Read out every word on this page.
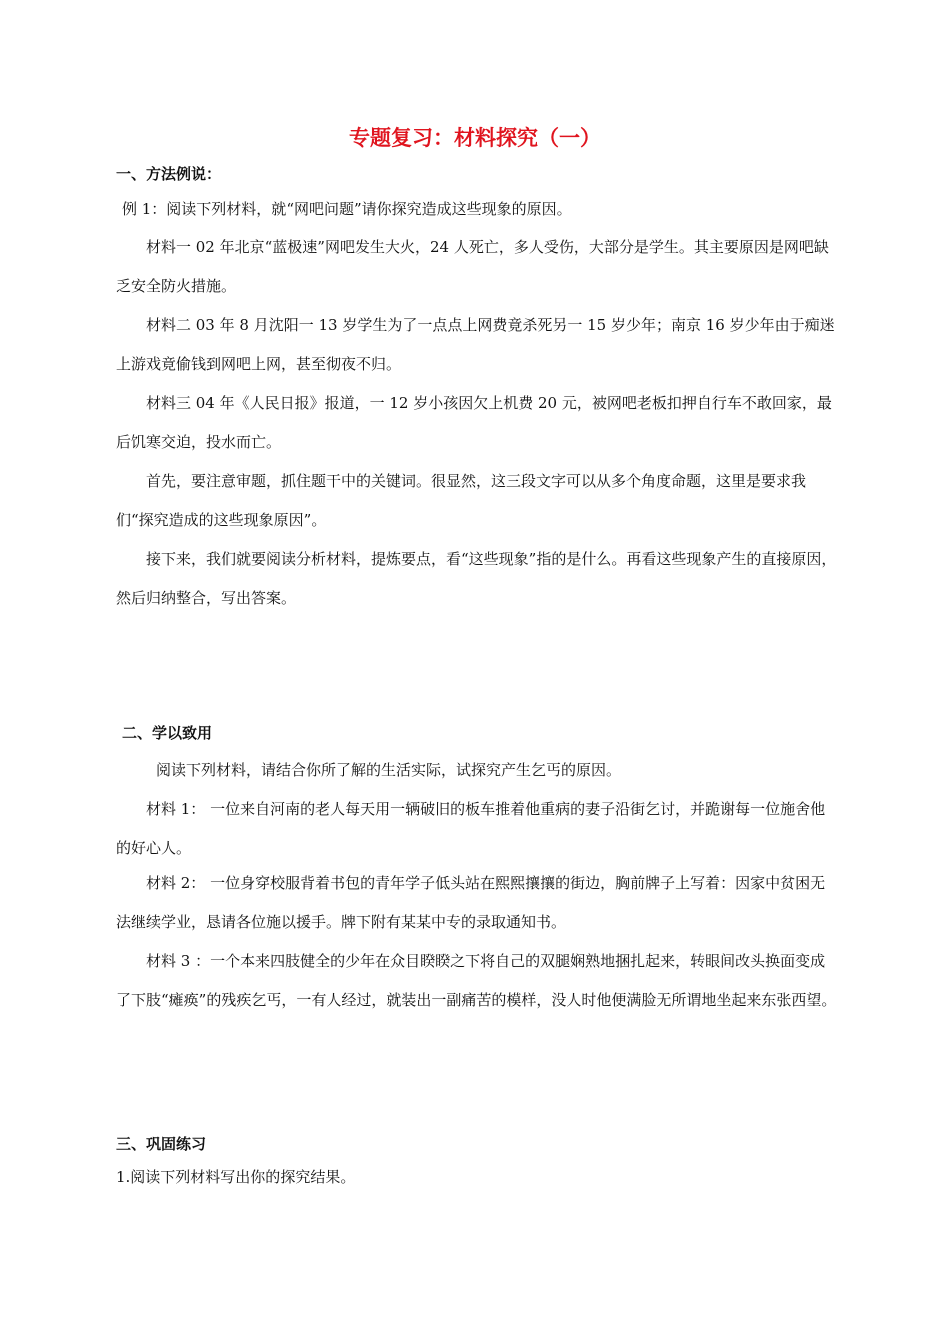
专题复习：材料探究（一）
一、方法例说：
例 1：阅读下列材料，就“网吧问题”请你探究造成这些现象的原因。
材料一 02 年北京“蓝极速”网吧发生大火，24 人死亡，多人受伤，大部分是学生。其主要原因是网吧缺乏安全防火措施。
材料二 03 年 8 月沈阳一 13 岁学生为了一点点上网费竟杀死另一 15 岁少年；南京 16 岁少年由于痴迷上游戏竟偷钱到网吧上网，甚至彻夜不归。
材料三 04 年《人民日报》报道，一 12 岁小孩因欠上机费 20 元，被网吧老板扣押自行车不敢回家，最后饥寒交迫，投水而亡。
首先，要注意审题，抓住题干中的关键词。很显然，这三段文字可以从多个角度命题，这里是要求我们“探究造成的这些现象原因”。
接下来，我们就要阅读分析材料，提炼要点，看“这些现象”指的是什么。再看这些现象产生的直接原因，然后归纳整合，写出答案。
二、学以致用
阅读下列材料，请结合你所了解的生活实际，试探究产生乞丐的原因。
材料 1： 一位来自河南的老人每天用一辆破旧的板车推着他重病的妻子沿街乞讨，并跪谢每一位施舍他的好心人。
材料 2： 一位身穿校服背着书包的青年学子低头站在熙熙攘攘的街边，胸前牌子上写着：因家中贫困无法继续学业，恳请各位施以援手。牌下附有某某中专的录取通知书。
材料 3 ：一个本来四肢健全的少年在众目睽睽之下将自己的双腿娴熟地捆扎起来，转眼间改头换面变成了下肢“瘫痪”的残疾乞丐，一有人经过，就装出一副痛苦的模样，没人时他便满脸无所谓地坐起来东张西望。
三、巩固练习
1.阅读下列材料写出你的探究结果。
